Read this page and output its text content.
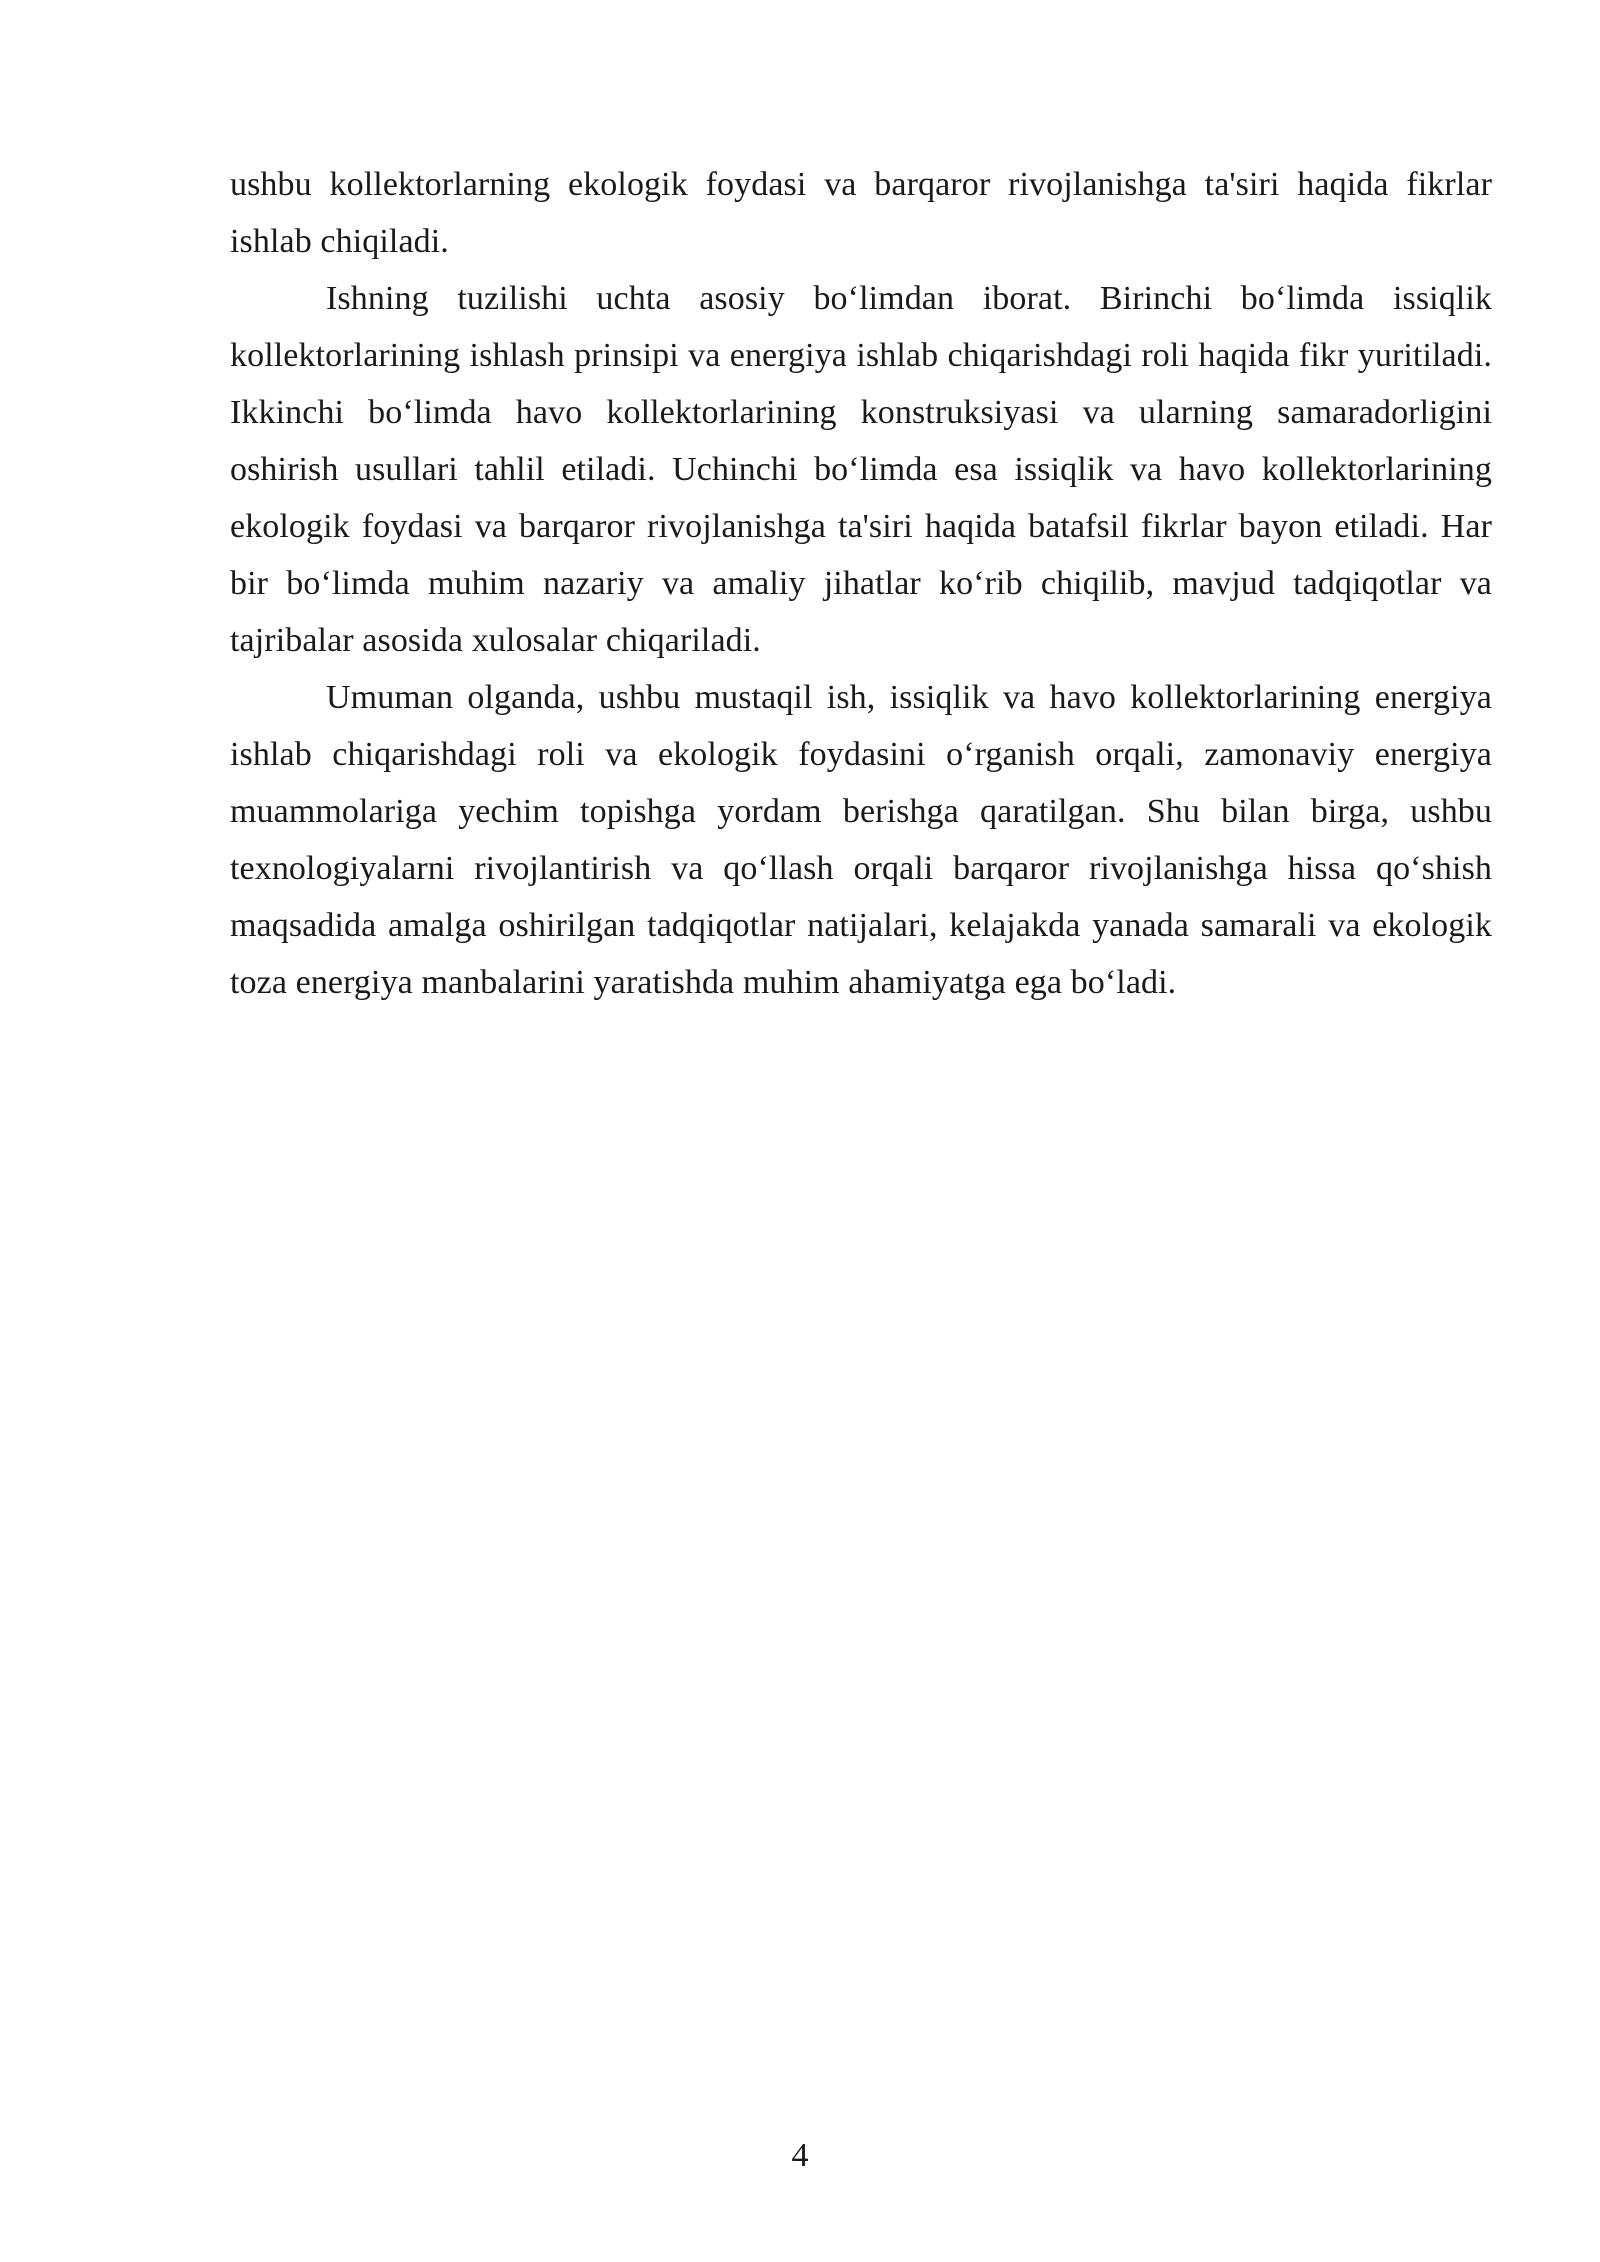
ushbu kollektorlarning ekologik foydasi va barqaror rivojlanishga ta'siri haqida fikrlar ishlab chiqiladi.

Ishning tuzilishi uchta asosiy bo‘limdan iborat. Birinchi bo‘limda issiqlik kollektorlarining ishlash prinsipi va energiya ishlab chiqarishdagi roli haqida fikr yuritiladi. Ikkinchi bo‘limda havo kollektorlarining konstruksiyasi va ularning samaradorligini oshirish usullari tahlil etiladi. Uchinchi bo‘limda esa issiqlik va havo kollektorlarining ekologik foydasi va barqaror rivojlanishga ta'siri haqida batafsil fikrlar bayon etiladi. Har bir bo‘limda muhim nazariy va amaliy jihatlar ko‘rib chiqilib, mavjud tadqiqotlar va tajribalar asosida xulosalar chiqariladi.

Umuman olganda, ushbu mustaqil ish, issiqlik va havo kollektorlarining energiya ishlab chiqarishdagi roli va ekologik foydasini o‘rganish orqali, zamonaviy energiya muammolariga yechim topishga yordam berishga qaratilgan. Shu bilan birga, ushbu texnologiyalarni rivojlantirish va qo‘llash orqali barqaror rivojlanishga hissa qo‘shish maqsadida amalga oshirilgan tadqiqotlar natijalari, kelajakda yanada samarali va ekologik toza energiya manbalarini yaratishda muhim ahamiyatga ega bo‘ladi.

4
